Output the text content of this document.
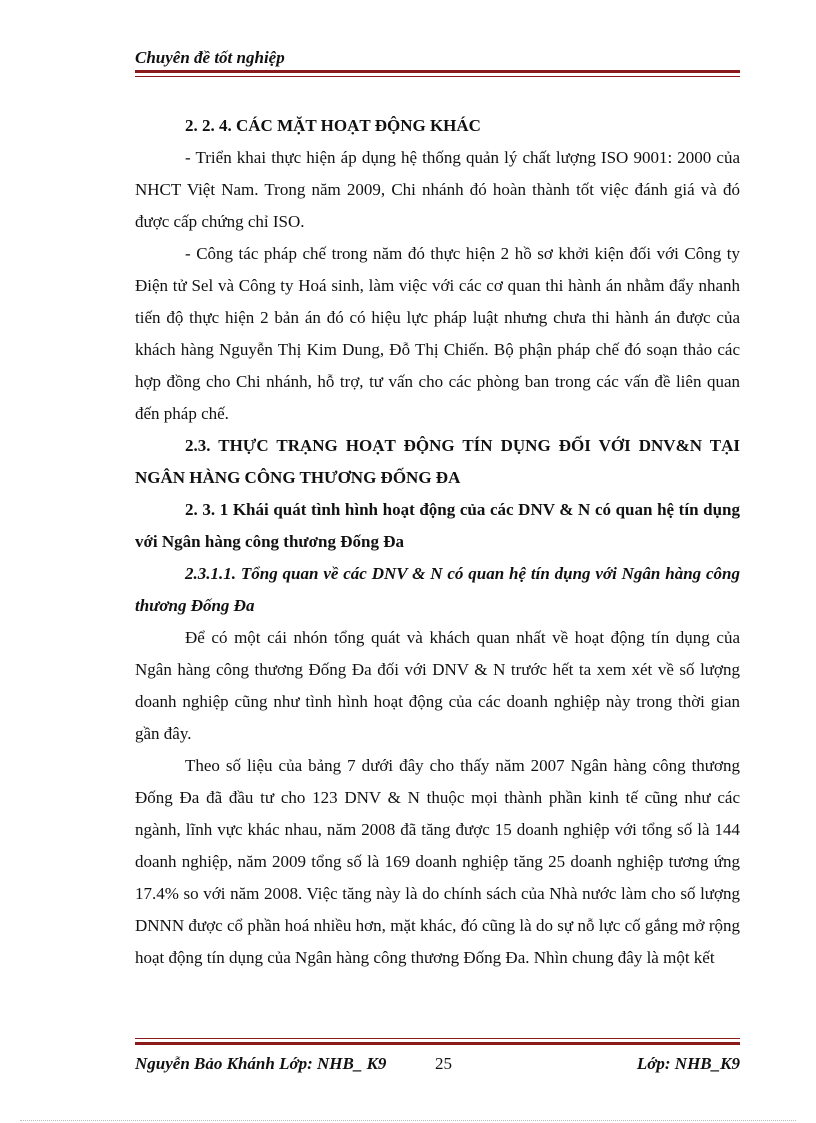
Chuyên đề tốt nghiệp

2. 2. 4. CÁC MẶT HOẠT ĐỘNG KHÁC

- Triển khai thực hiện áp dụng hệ thống quản lý chất lượng ISO 9001: 2000 của NHCT Việt Nam. Trong năm 2009, Chi nhánh đó hoàn thành tốt việc đánh giá và đó được cấp chứng chỉ ISO.

- Công tác pháp chế trong năm đó thực hiện 2 hồ sơ khởi kiện đối với Công ty Điện tử Sel và Công ty Hoá sinh, làm việc với các cơ quan thi hành án nhằm đẩy nhanh tiến độ thực hiện 2 bản án đó có hiệu lực pháp luật nhưng chưa thi hành án được của khách hàng Nguyễn Thị Kim Dung, Đỗ Thị Chiến. Bộ phận pháp chế đó soạn thảo các hợp đồng cho Chi nhánh, hỗ trợ, tư vấn cho các phòng ban trong các vấn đề liên quan đến pháp chế.

2.3. THỰC TRẠNG HOẠT ĐỘNG TÍN DỤNG ĐỐI VỚI DNV&N TẠI NGÂN HÀNG CÔNG THƯƠNG ĐỐNG ĐA

2. 3. 1 Khái quát tình hình hoạt động của các DNV & N có quan hệ tín dụng với Ngân hàng công thương Đống Đa

2.3.1.1. Tổng quan về các DNV & N có quan hệ tín dụng với Ngân hàng công thương Đống Đa

Để có một cái nhón tổng quát và khách quan nhất về hoạt động tín dụng của Ngân hàng công thương Đống Đa đối với DNV & N trước hết ta xem xét về số lượng doanh nghiệp cũng như tình hình hoạt động của các doanh nghiệp này trong thời gian gần đây.

Theo số liệu của bảng 7 dưới đây cho thấy năm 2007 Ngân hàng công thương Đống Đa đã đầu tư cho 123 DNV & N thuộc mọi thành phần kinh tế cũng như các ngành, lĩnh vực khác nhau, năm 2008 đã tăng được 15 doanh nghiệp với tổng số là 144 doanh nghiệp, năm 2009 tổng số là 169 doanh nghiệp tăng 25 doanh nghiệp tương ứng 17.4% so với năm 2008. Việc tăng này là do chính sách của Nhà nước làm cho số lượng DNNN được cổ phần hoá nhiều hơn, mặt khác, đó cũng là do sự nỗ lực cố gắng mở rộng hoạt động tín dụng của Ngân hàng công thương Đống Đa. Nhìn chung đây là một kết

Nguyễn Bảo Khánh Lớp: NHB_ K9	25	Lớp: NHB_K9
